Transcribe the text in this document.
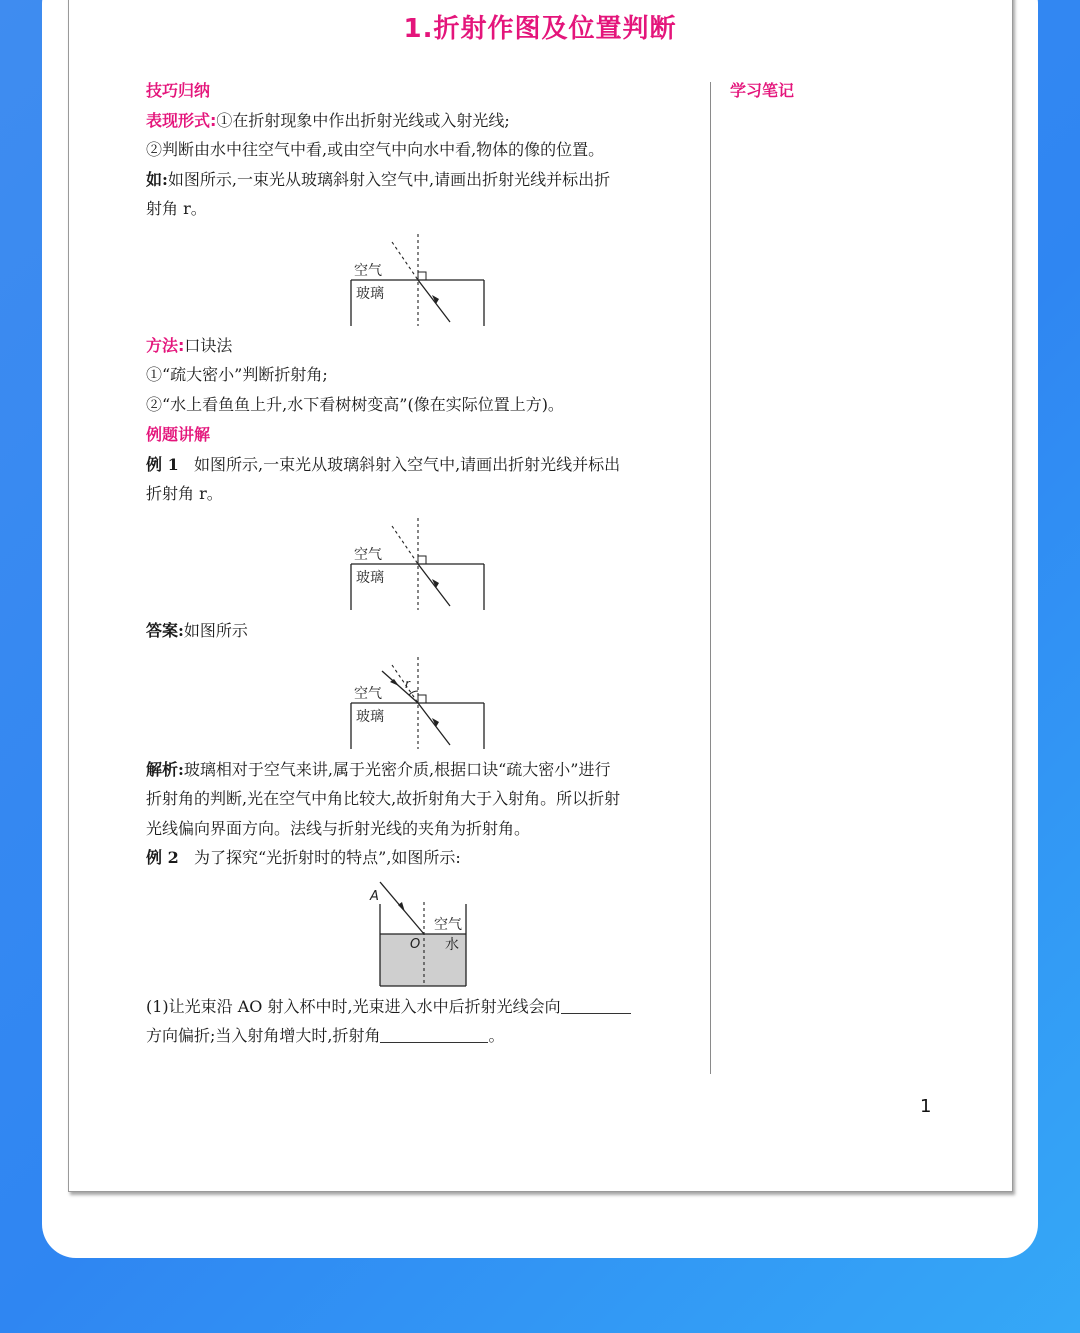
1.折射作图及位置判断
学习笔记
1
技巧归纳
表现形式:①在折射现象中作出折射光线或入射光线;
②判断由水中往空气中看,或由空气中向水中看,物体的像的位置。
如:如图所示,一束光从玻璃斜射入空气中,请画出折射光线并标出折
射角 r。
空气
玻璃
方法:口诀法
①“疏大密小”判断折射角;
②“水上看鱼鱼上升,水下看树树变高”(像在实际位置上方)。
例题讲解
例 1 如图所示,一束光从玻璃斜射入空气中,请画出折射光线并标出
折射角 r。
空气
玻璃
答案:如图所示
r
空气
玻璃
解析:玻璃相对于空气来讲,属于光密介质,根据口诀“疏大密小”进行
折射角的判断,光在空气中角比较大,故折射角大于入射角。所以折射
光线偏向界面方向。法线与折射光线的夹角为折射角。
例 2 为了探究“光折射时的特点”,如图所示:
A
O
空气
水
(1)让光束沿 AO 射入杯中时,光束进入水中后折射光线会向
方向偏折;当入射角增大时,折射角	。
